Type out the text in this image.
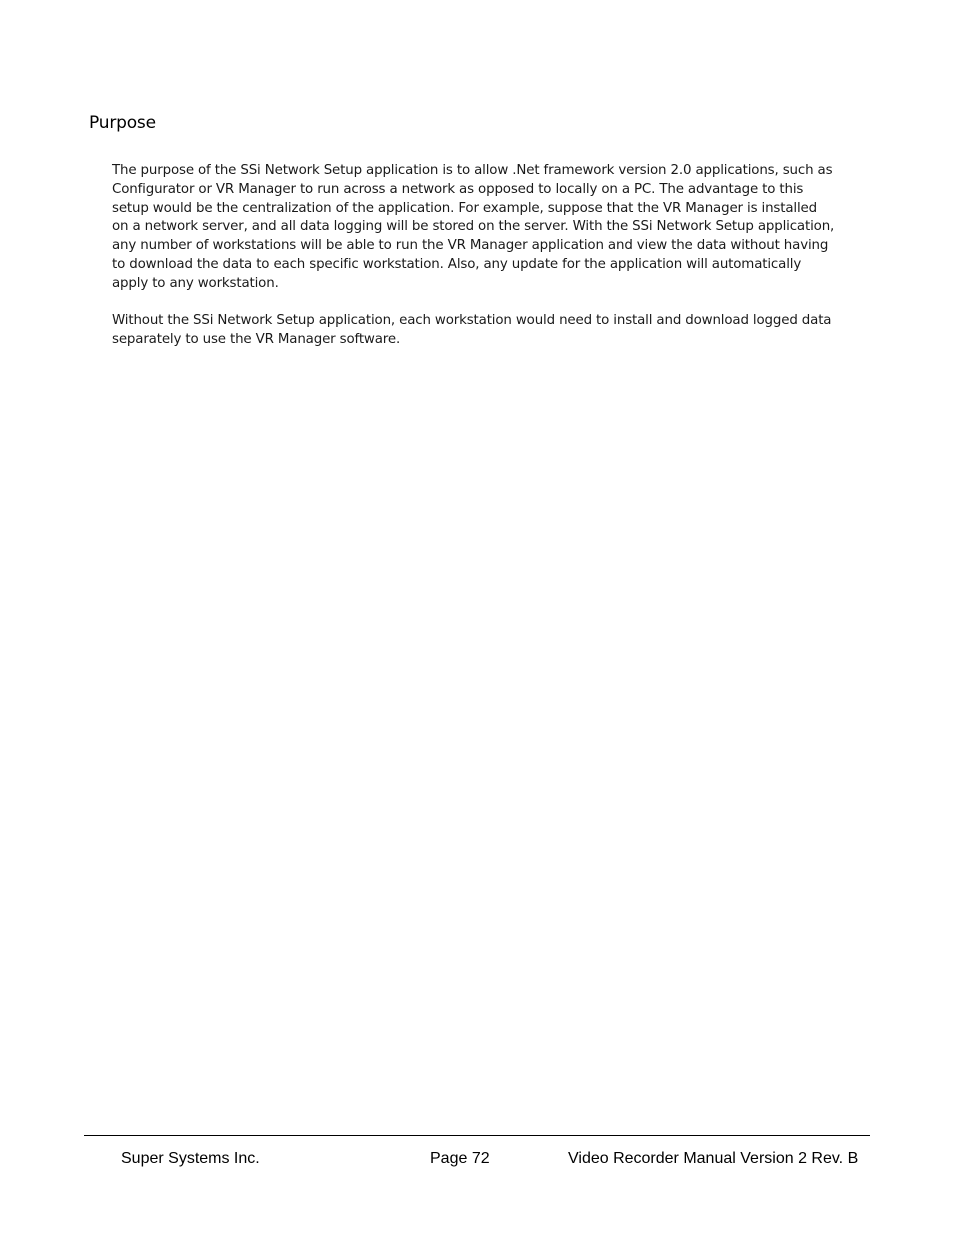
Purpose

The purpose of the SSi Network Setup application is to allow .Net framework version 2.0 applications, such as Configurator or VR Manager to run across a network as opposed to locally on a PC. The advantage to this setup would be the centralization of the application. For example, suppose that the VR Manager is installed on a network server, and all data logging will be stored on the server. With the SSi Network Setup application, any number of workstations will be able to run the VR Manager application and view the data without having to download the data to each specific workstation. Also, any update for the application will automatically apply to any workstation.

Without the SSi Network Setup application, each workstation would need to install and download logged data separately to use the VR Manager software.

Super Systems Inc.	Page 72	Video Recorder Manual Version 2 Rev. B
